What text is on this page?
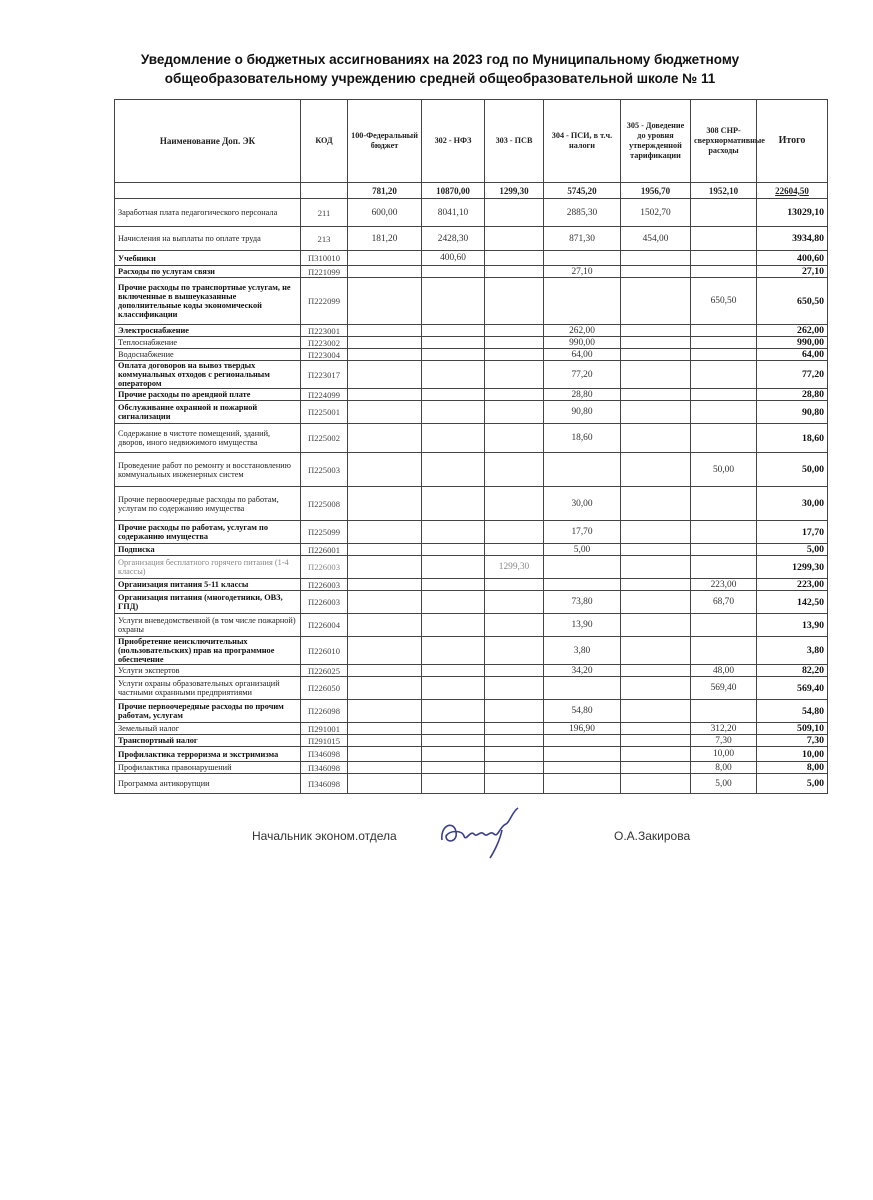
Уведомление о бюджетных ассигнованиях на 2023 год по Муниципальному бюджетному
общеобразовательному учреждению средней общеобразовательной школе № 11
Наименование Доп. ЭК	КОД	100-Федеральный бюджет	302 - НФЗ	303 - ПСВ	304 - ПСИ, в т.ч. налоги	305 - Доведение до уровня утвержденной тарификации	308 СНР-сверхнормативные расходы	Итого
		781,20	10870,00	1299,30	5745,20	1956,70	1952,10	22604,50
Заработная плата педагогического персонала	211	600,00	8041,10		2885,30	1502,70		13029,10
Начисления на выплаты по оплате труда	213	181,20	2428,30		871,30	454,00		3934,80
Учебники	П310010		400,60					400,60
Расходы по услугам связи	П221099				27,10			27,10
Прочие расходы по транспортные услугам, не включенные в вышеуказанные дополнительные коды экономической классификации	П222099						650,50	650,50
Электроснабжение	П223001				262,00			262,00
Теплоснабжение	П223002				990,00			990,00
Водоснабжение	П223004				64,00			64,00
Оплата договоров на вывоз твердых коммунальных отходов с региональным оператором	П223017				77,20			77,20
Прочие расходы по арендной плате	П224099				28,80			28,80
Обслуживание охранной и пожарной сигнализации	П225001				90,80			90,80
Содержание в чистоте помещений, зданий, дворов, иного недвижимого имущества	П225002				18,60			18,60
Проведение работ по ремонту и восстановлению коммунальных инженерных систем	П225003						50,00	50,00
Прочие первоочередные расходы по работам, услугам по содержанию имущества	П225008				30,00			30,00
Прочие расходы по работам, услугам по содержанию имущества	П225099				17,70			17,70
Подписка	П226001				5,00			5,00
Организация бесплатного горячего питания (1-4 классы)	П226003			1299,30				1299,30
Организация питания 5-11 классы	П226003						223,00	223,00
Организация питания (многодетники, ОВЗ, ГПД)	П226003				73,80		68,70	142,50
Услуги вневедомственной (в том числе пожарной) охраны	П226004				13,90			13,90
Приобретение неисключительных (пользовательских) прав на программное обеспечение	П226010				3,80			3,80
Услуги экспертов	П226025				34,20		48,00	82,20
Услуги охраны образовательных организаций частными охранными предприятиями	П226050						569,40	569,40
Прочие первоочередные расходы по прочим работам, услугам	П226098				54,80			54,80
Земельный налог	П291001				196,90		312,20	509,10
Транспортный налог	П291015						7,30	7,30
Профилактика терроризма и экстримизма	П346098						10,00	10,00
Профилактика правонарушений	П346098						8,00	8,00
Программа антикорупции	П346098						5,00	5,00
Начальник эконом.отдела	О.А.Закирова
